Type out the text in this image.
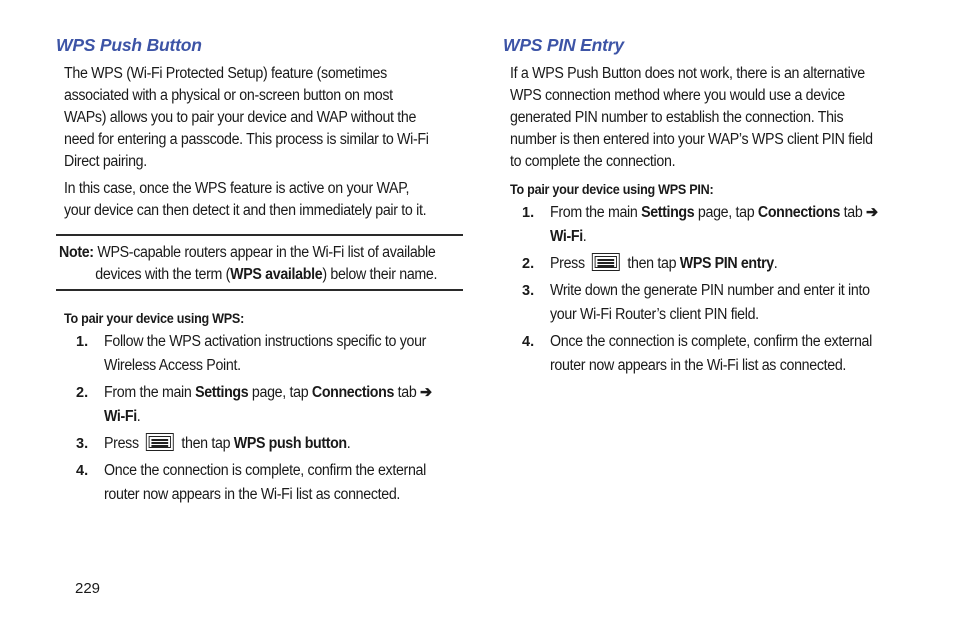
WPS Push Button

The WPS (Wi-Fi Protected Setup) feature (sometimes
associated with a physical or on-screen button on most
WAPs) allows you to pair your device and WAP without the
need for entering a passcode. This process is similar to Wi-Fi
Direct pairing.

In this case, once the WPS feature is active on your WAP,
your device can then detect it and then immediately pair to it.

Note: WPS-capable routers appear in the Wi-Fi list of available
devices with the term (WPS available) below their name.

To pair your device using WPS:

1. Follow the WPS activation instructions specific to your
Wireless Access Point.
2. From the main Settings page, tap Connections tab ➔
Wi-Fi.
3. Press	then tap WPS push button.
4. Once the connection is complete, confirm the external
router now appears in the Wi-Fi list as connected.
WPS PIN Entry

If a WPS Push Button does not work, there is an alternative
WPS connection method where you would use a device
generated PIN number to establish the connection. This
number is then entered into your WAP’s WPS client PIN field
to complete the connection.

To pair your device using WPS PIN:

1. From the main Settings page, tap Connections tab ➔
Wi-Fi.
2. Press	then tap WPS PIN entry.
3. Write down the generate PIN number and enter it into
your Wi-Fi Router’s client PIN field.
4. Once the connection is complete, confirm the external
router now appears in the Wi-Fi list as connected.
229
